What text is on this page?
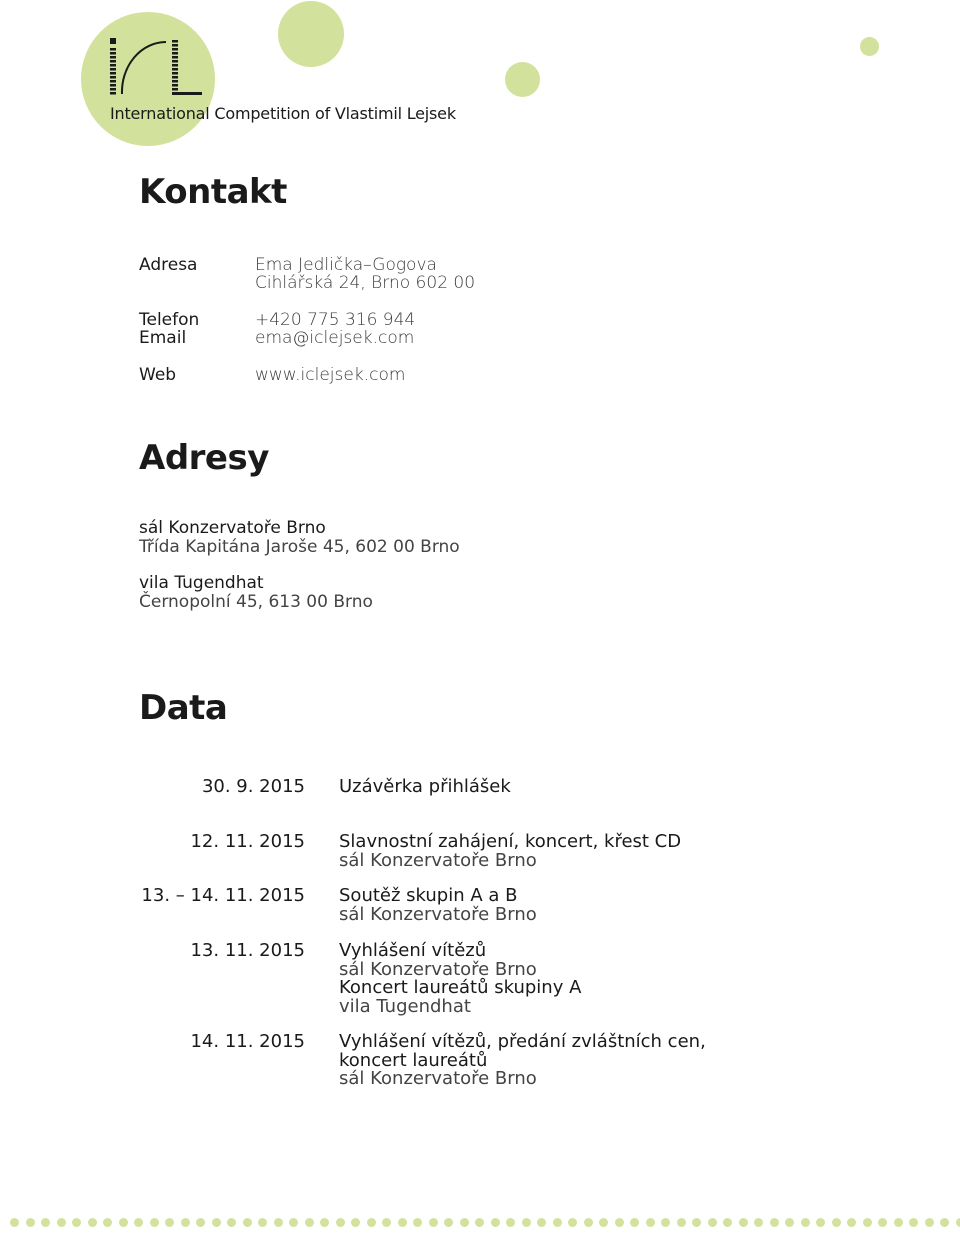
International Competition of Vlastimil Lejsek

Kontakt
Adresa	Ema Jedlička–Gogova
Cihlářská 24, Brno 602 00
Telefon	+420 775 316 944
Email	ema@iclejsek.com
Web	www.iclejsek.com
Adresy
sál Konzervatoře Brno
Třída Kapitána Jaroše 45, 602 00 Brno
vila Tugendhat
Černopolní 45, 613 00 Brno
Data
30. 9. 2015 Uzávěrka přihlášek
12. 11. 2015 Slavnostní zahájení, koncert, křest CD
sál Konzervatoře Brno
13. – 14. 11. 2015 Soutěž skupin A a B
sál Konzervatoře Brno
13. 11. 2015 Vyhlášení vítězů
sál Konzervatoře Brno
Koncert laureátů skupiny A
vila Tugendhat
14. 11. 2015 Vyhlášení vítězů, předání zvláštních cen,
koncert laureátů
sál Konzervatoře Brno
